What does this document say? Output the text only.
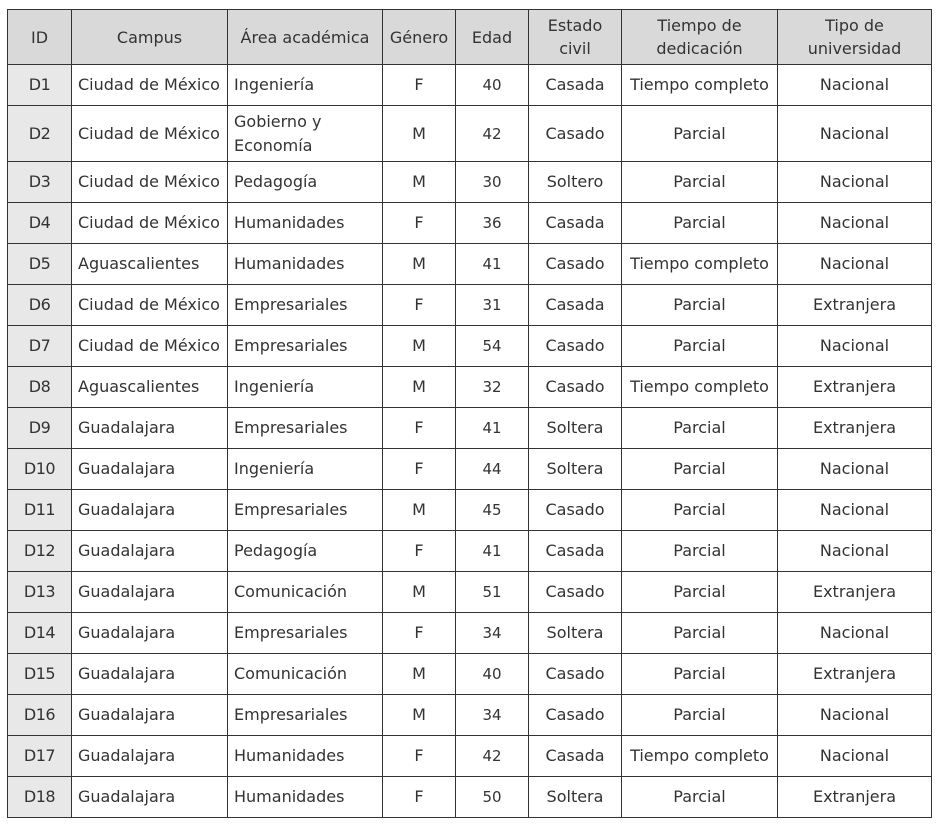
ID	Campus	Área académica	Género	Edad	Estado civil	Tiempo de dedicación	Tipo de universidad
D1	Ciudad de México	Ingeniería	F	40	Casada	Tiempo completo	Nacional
D2	Ciudad de México	Gobierno y Economía	M	42	Casado	Parcial	Nacional
D3	Ciudad de México	Pedagogía	M	30	Soltero	Parcial	Nacional
D4	Ciudad de México	Humanidades	F	36	Casada	Parcial	Nacional
D5	Aguascalientes	Humanidades	M	41	Casado	Tiempo completo	Nacional
D6	Ciudad de México	Empresariales	F	31	Casada	Parcial	Extranjera
D7	Ciudad de México	Empresariales	M	54	Casado	Parcial	Nacional
D8	Aguascalientes	Ingeniería	M	32	Casado	Tiempo completo	Extranjera
D9	Guadalajara	Empresariales	F	41	Soltera	Parcial	Extranjera
D10	Guadalajara	Ingeniería	F	44	Soltera	Parcial	Nacional
D11	Guadalajara	Empresariales	M	45	Casado	Parcial	Nacional
D12	Guadalajara	Pedagogía	F	41	Casada	Parcial	Nacional
D13	Guadalajara	Comunicación	M	51	Casado	Parcial	Extranjera
D14	Guadalajara	Empresariales	F	34	Soltera	Parcial	Nacional
D15	Guadalajara	Comunicación	M	40	Casado	Parcial	Extranjera
D16	Guadalajara	Empresariales	M	34	Casado	Parcial	Nacional
D17	Guadalajara	Humanidades	F	42	Casada	Tiempo completo	Nacional
D18	Guadalajara	Humanidades	F	50	Soltera	Parcial	Extranjera
